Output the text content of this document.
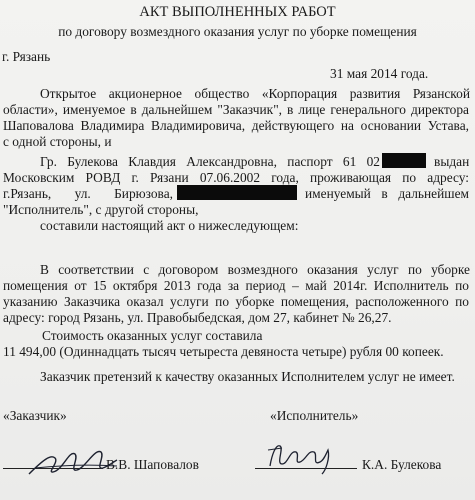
АКТ ВЫПОЛНЕННЫХ РАБОТ
по договору возмездного оказания услуг по уборке помещения
г. Рязань
31 мая 2014 года.
Открытое акционерное общество «Корпорация развития Рязанской
области», именуемое в дальнейшем "Заказчик", в лице генерального директора
Шаповалова Владимира Владимировича, действующего на основании Устава,
с одной стороны, и
Гр. Булекова Клавдия Александровна, паспорт 61 02	выдан
Московским РОВД г. Рязани 07.06.2002 года, проживающая по адресу:
г.Рязань, ул. Бирюзова,	именуемый в дальнейшем
"Исполнитель", с другой стороны,
составили настоящий акт о нижеследующем:
В соответствии с договором возмездного оказания услуг по уборке
помещения от 15 октября 2013 года за период – май 2014г. Исполнитель по
указанию Заказчика оказал услуги по уборке помещения, расположенного по
адресу: город Рязань, ул. Правобыбедская, дом 27, кабинет № 26,27.
Стоимость оказанных услуг составила
11 494,00 (Одиннадцать тысяч четыреста девяноста четыре) рубля 00 копеек.
Заказчик претензий к качеству оказанных Исполнителем услуг не имеет.
«Заказчик»	«Исполнитель»
В.В. Шаповалов	К.А. Булекова
